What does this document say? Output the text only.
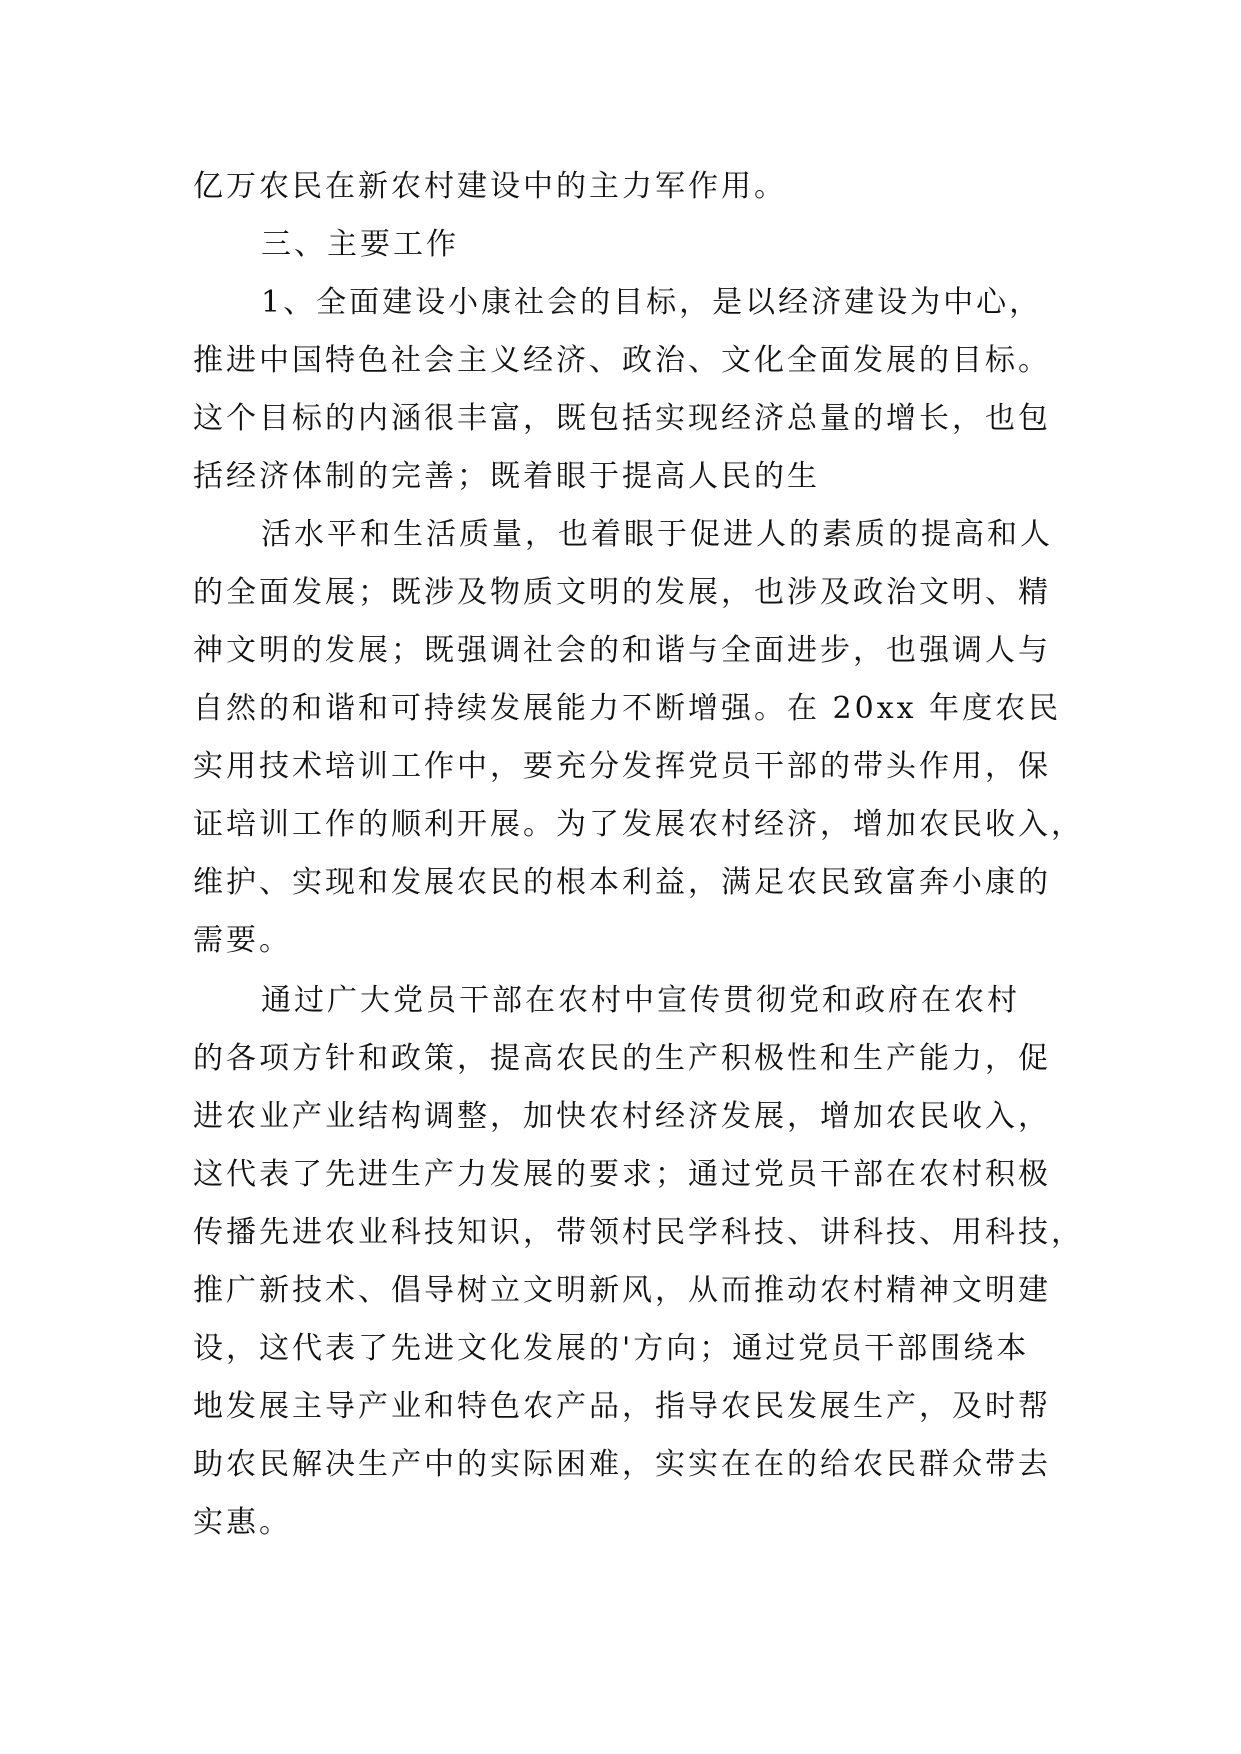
亿万农民在新农村建设中的主力军作用。
三、主要工作
1、全面建设小康社会的目标，是以经济建设为中心，
推进中国特色社会主义经济、政治、文化全面发展的目标。
这个目标的内涵很丰富，既包括实现经济总量的增长，也包
括经济体制的完善；既着眼于提高人民的生
活水平和生活质量，也着眼于促进人的素质的提高和人
的全面发展；既涉及物质文明的发展，也涉及政治文明、精
神文明的发展；既强调社会的和谐与全面进步，也强调人与
自然的和谐和可持续发展能力不断增强。在 20xx 年度农民
实用技术培训工作中，要充分发挥党员干部的带头作用，保
证培训工作的顺利开展。为了发展农村经济，增加农民收入，
维护、实现和发展农民的根本利益，满足农民致富奔小康的
需要。
通过广大党员干部在农村中宣传贯彻党和政府在农村
的各项方针和政策，提高农民的生产积极性和生产能力，促
进农业产业结构调整，加快农村经济发展，增加农民收入，
这代表了先进生产力发展的要求；通过党员干部在农村积极
传播先进农业科技知识，带领村民学科技、讲科技、用科技，
推广新技术、倡导树立文明新风，从而推动农村精神文明建
设，这代表了先进文化发展的'方向；通过党员干部围绕本
地发展主导产业和特色农产品，指导农民发展生产，及时帮
助农民解决生产中的实际困难，实实在在的给农民群众带去
实惠。
